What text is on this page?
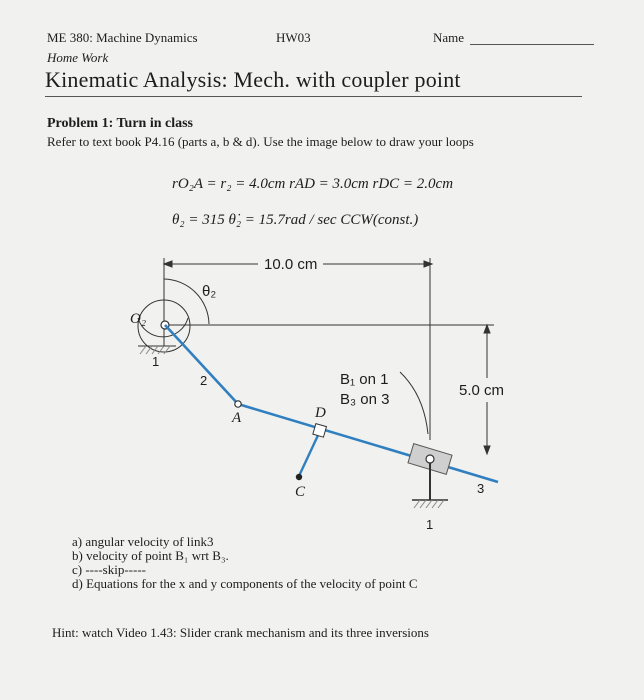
ME 380: Machine Dynamics	HW03	Name
Home Work
Kinematic Analysis: Mech. with coupler point
Problem 1: Turn in class
Refer to text book P4.16 (parts a, b & d). Use the image below to draw your loops
rO₂A = r₂ = 4.0cm rAD = 3.0cm rDC = 2.0cm
θ₂ = 315 θ̇₂ = 15.7rad / sec CCW(const.)
10.0 cm
5.0 cm
O₂
θ₂
1
2
A	D
C
B₁ on 1
B₃ on 3
3
1
a) angular velocity of link3
b) velocity of point B₁ wrt B₃.
c) ----skip-----
d) Equations for the x and y components of the velocity of point C
Hint: watch Video 1.43: Slider crank mechanism and its three inversions
